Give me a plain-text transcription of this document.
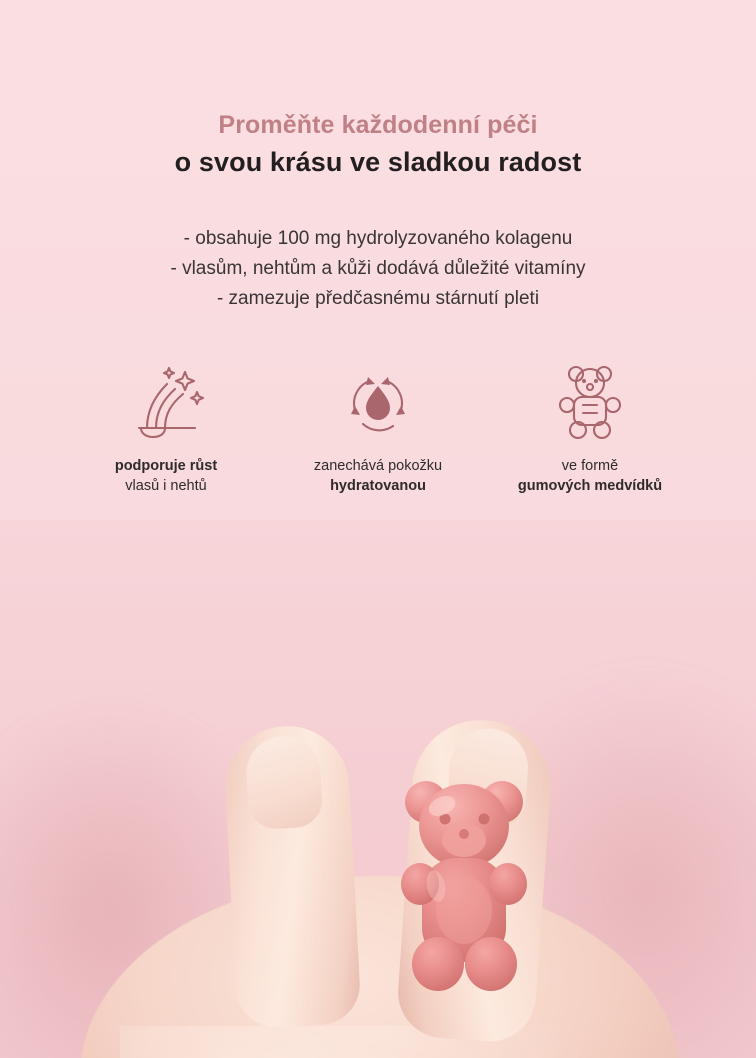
Proměňte každodenní péči
o svou krásu ve sladkou radost
- obsahuje 100 mg hydrolyzovaného kolagenu
- vlasům, nehtům a kůži dodává důležité vitamíny
- zamezuje předčasnému stárnutí pleti
podporuje růst
vlasů i nehtů
zanechává pokožku
hydratovanou
ve formě
gumových medvídků
